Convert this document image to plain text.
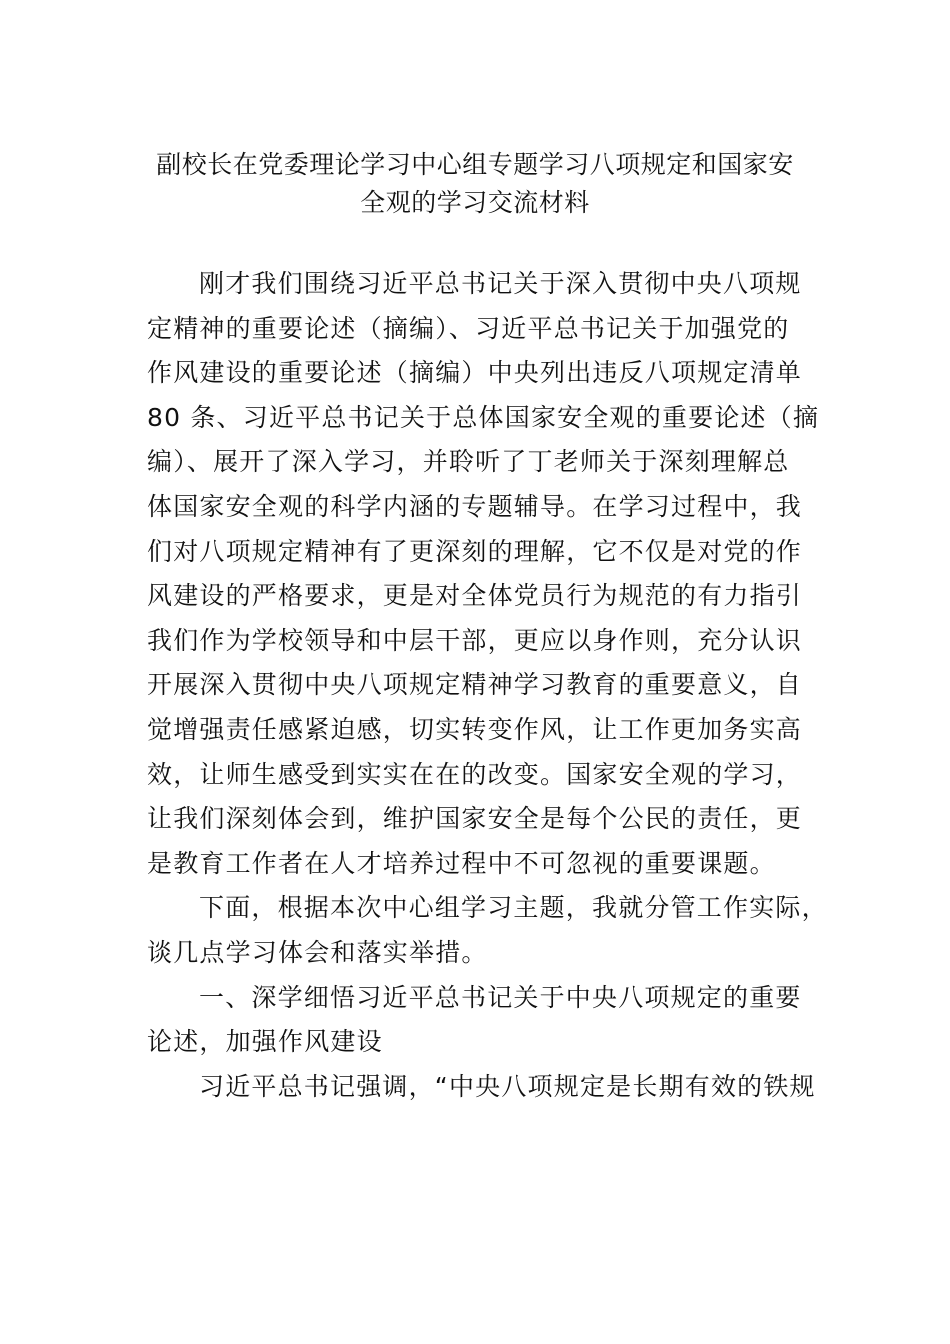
副校长在党委理论学习中心组专题学习八项规定和国家安
全观的学习交流材料
刚才我们围绕习近平总书记关于深入贯彻中央八项规
定精神的重要论述（摘编）、习近平总书记关于加强党的
作风建设的重要论述（摘编）中央列出违反八项规定清单
80 条、习近平总书记关于总体国家安全观的重要论述（摘
编）、展开了深入学习，并聆听了丁老师关于深刻理解总
体国家安全观的科学内涵的专题辅导。在学习过程中，我
们对八项规定精神有了更深刻的理解，它不仅是对党的作
风建设的严格要求，更是对全体党员行为规范的有力指引
我们作为学校领导和中层干部，更应以身作则，充分认识
开展深入贯彻中央八项规定精神学习教育的重要意义，自
觉增强责任感紧迫感，切实转变作风，让工作更加务实高
效，让师生感受到实实在在的改变。国家安全观的学习，
让我们深刻体会到，维护国家安全是每个公民的责任，更
是教育工作者在人才培养过程中不可忽视的重要课题。
下面，根据本次中心组学习主题，我就分管工作实际，
谈几点学习体会和落实举措。
一、深学细悟习近平总书记关于中央八项规定的重要
论述，加强作风建设
习近平总书记强调，“中央八项规定是长期有效的铁规
